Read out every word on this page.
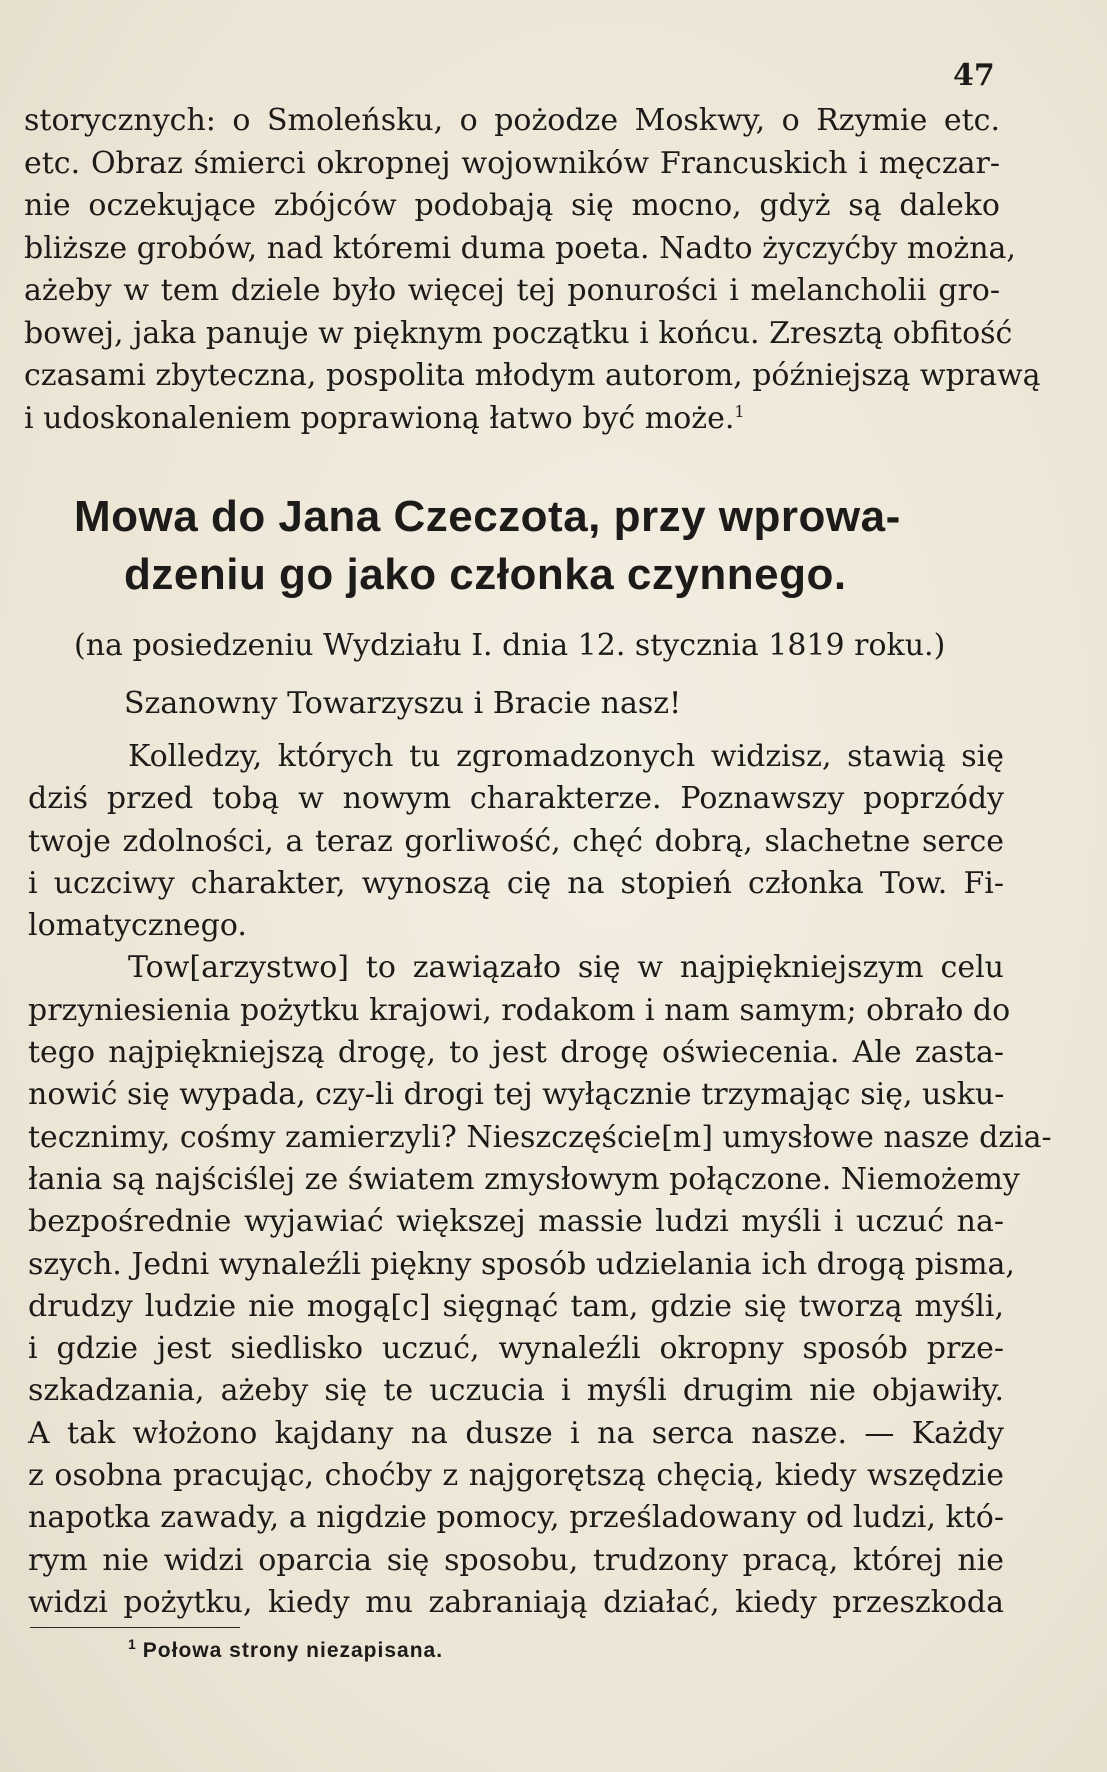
47
storycznych: o Smoleńsku, o pożodze Moskwy, o Rzymie etc.
etc. Obraz śmierci okropnej wojowników Francuskich i męczar-
nie oczekujące zbójców podobają się mocno, gdyż są daleko
bliższe grobów, nad któremi duma poeta. Nadto życzyćby można,
ażeby w tem dziele było więcej tej ponurości i melancholii gro-
bowej, jaka panuje w pięknym początku i końcu. Zresztą obfitość
czasami zbyteczna, pospolita młodym autorom, późniejszą wprawą
i udoskonaleniem poprawioną łatwo być może.$^1$
Mowa do Jana Czeczota, przy wprowa-
dzeniu go jako członka czynnego.
(na posiedzeniu Wydziału I. dnia 12. stycznia 1819 roku.)
Szanowny Towarzyszu i Bracie nasz!
Kolledzy, których tu zgromadzonych widzisz, stawią się
dziś przed tobą w nowym charakterze. Poznawszy poprzódy
twoje zdolności, a teraz gorliwość, chęć dobrą, slachetne serce
i uczciwy charakter, wynoszą cię na stopień członka Tow. Fi-
lomatycznego.
Tow[arzystwo] to zawiązało się w najpiękniejszym celu
przyniesienia pożytku krajowi, rodakom i nam samym; obrało do
tego najpiękniejszą drogę, to jest drogę oświecenia. Ale zasta-
nowić się wypada, czy-li drogi tej wyłącznie trzymając się, usku-
tecznimy, cośmy zamierzyli? Nieszczęście[m] umysłowe nasze dzia-
łania są najściślej ze światem zmysłowym połączone. Niemożemy
bezpośrednie wyjawiać większej massie ludzi myśli i uczuć na-
szych. Jedni wynaleźli piękny sposób udzielania ich drogą pisma,
drudzy ludzie nie mogą[c] sięgnąć tam, gdzie się tworzą myśli,
i gdzie jest siedlisko uczuć, wynaleźli okropny sposób prze-
szkadzania, ażeby się te uczucia i myśli drugim nie objawiły.
A tak włożono kajdany na dusze i na serca nasze. — Każdy
z osobna pracując, choćby z najgorętszą chęcią, kiedy wszędzie
napotka zawady, a nigdzie pomocy, prześladowany od ludzi, któ-
rym nie widzi oparcia się sposobu, trudzony pracą, której nie
widzi pożytku, kiedy mu zabraniają działać, kiedy przeszkoda
$^1$ Połowa strony niezapisana.
